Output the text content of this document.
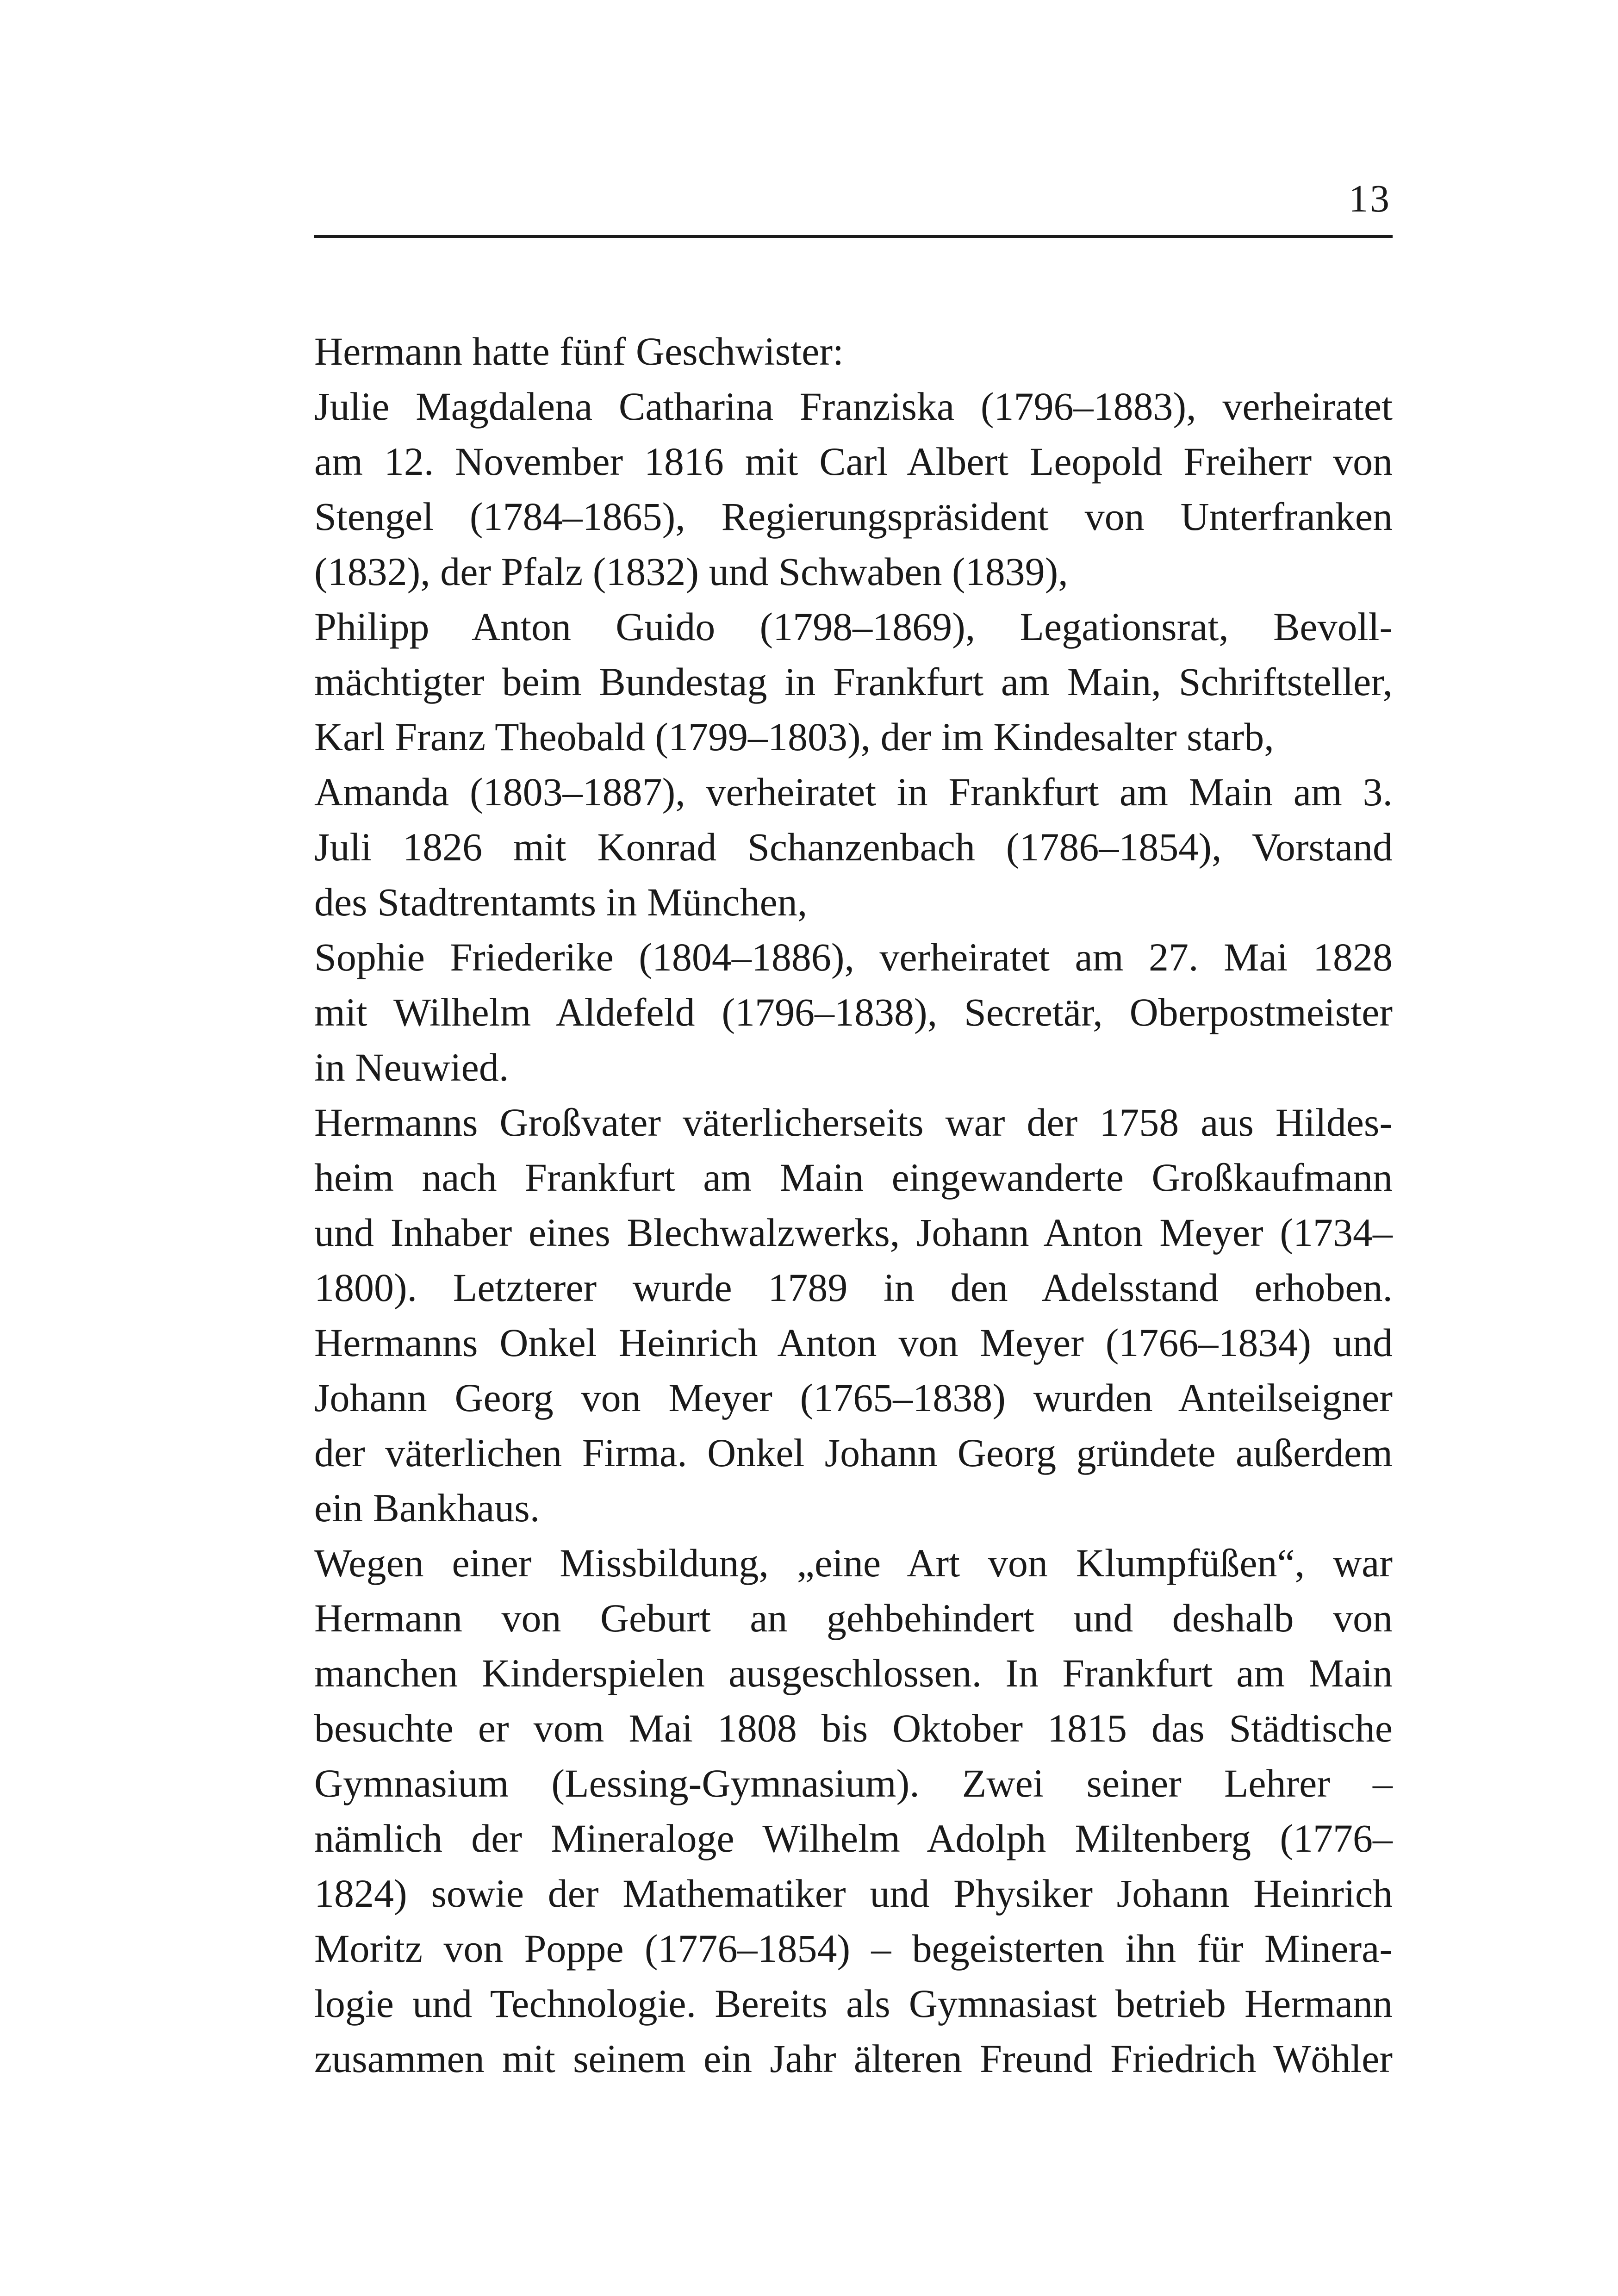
13
Hermann hatte fünf Geschwister:
Julie Magdalena Catharina Franziska (1796–1883), verheiratet
am 12. November 1816 mit Carl Albert Leopold Freiherr von
Stengel (1784–1865), Regierungspräsident von Unterfranken
(1832), der Pfalz (1832) und Schwaben (1839),
Philipp Anton Guido (1798–1869), Legationsrat, Bevoll-
mächtigter beim Bundestag in Frankfurt am Main, Schriftsteller,
Karl Franz Theobald (1799–1803), der im Kindesalter starb,
Amanda (1803–1887), verheiratet in Frankfurt am Main am 3.
Juli 1826 mit Konrad Schanzenbach (1786–1854), Vorstand
des Stadtrentamts in München,
Sophie Friederike (1804–1886), verheiratet am 27. Mai 1828
mit Wilhelm Aldefeld (1796–1838), Secretär, Oberpostmeister
in Neuwied.
Hermanns Großvater väterlicherseits war der 1758 aus Hildes-
heim nach Frankfurt am Main eingewanderte Großkaufmann
und Inhaber eines Blechwalzwerks, Johann Anton Meyer (1734–
1800). Letzterer wurde 1789 in den Adelsstand erhoben.
Hermanns Onkel Heinrich Anton von Meyer (1766–1834) und
Johann Georg von Meyer (1765–1838) wurden Anteilseigner
der väterlichen Firma. Onkel Johann Georg gründete außerdem
ein Bankhaus.
Wegen einer Missbildung, „eine Art von Klumpfüßen“, war
Hermann von Geburt an gehbehindert und deshalb von
manchen Kinderspielen ausgeschlossen. In Frankfurt am Main
besuchte er vom Mai 1808 bis Oktober 1815 das Städtische
Gymnasium (Lessing-Gymnasium). Zwei seiner Lehrer –
nämlich der Mineraloge Wilhelm Adolph Miltenberg (1776–
1824) sowie der Mathematiker und Physiker Johann Heinrich
Moritz von Poppe (1776–1854) – begeisterten ihn für Minera-
logie und Technologie. Bereits als Gymnasiast betrieb Hermann
zusammen mit seinem ein Jahr älteren Freund Friedrich Wöhler
